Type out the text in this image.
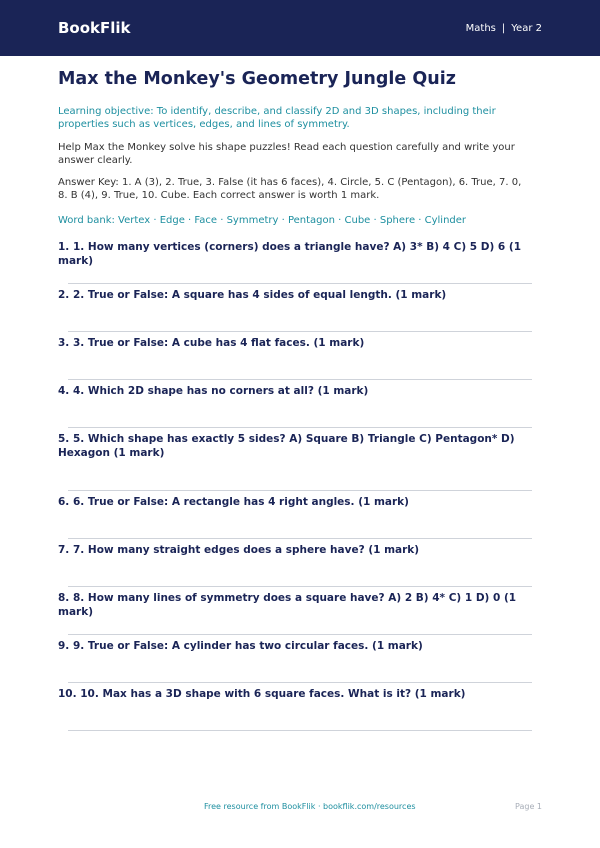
BookFlik	Maths | Year 2
Max the Monkey's Geometry Jungle Quiz

Learning objective: To identify, describe, and classify 2D and 3D shapes, including their properties such as vertices, edges, and lines of symmetry.

Help Max the Monkey solve his shape puzzles! Read each question carefully and write your answer clearly.

Answer Key: 1. A (3), 2. True, 3. False (it has 6 faces), 4. Circle, 5. C (Pentagon), 6. True, 7. 0, 8. B (4), 9. True, 10. Cube. Each correct answer is worth 1 mark.

Word bank: Vertex · Edge · Face · Symmetry · Pentagon · Cube · Sphere · Cylinder

1. 1. How many vertices (corners) does a triangle have? A) 3* B) 4 C) 5 D) 6 (1 mark)

2. 2. True or False: A square has 4 sides of equal length. (1 mark)

3. 3. True or False: A cube has 4 flat faces. (1 mark)

4. 4. Which 2D shape has no corners at all? (1 mark)

5. 5. Which shape has exactly 5 sides? A) Square B) Triangle C) Pentagon* D) Hexagon (1 mark)

6. 6. True or False: A rectangle has 4 right angles. (1 mark)

7. 7. How many straight edges does a sphere have? (1 mark)

8. 8. How many lines of symmetry does a square have? A) 2 B) 4* C) 1 D) 0 (1 mark)

9. 9. True or False: A cylinder has two circular faces. (1 mark)

10. 10. Max has a 3D shape with 6 square faces. What is it? (1 mark)

Free resource from BookFlik · bookflik.com/resources	Page 1
